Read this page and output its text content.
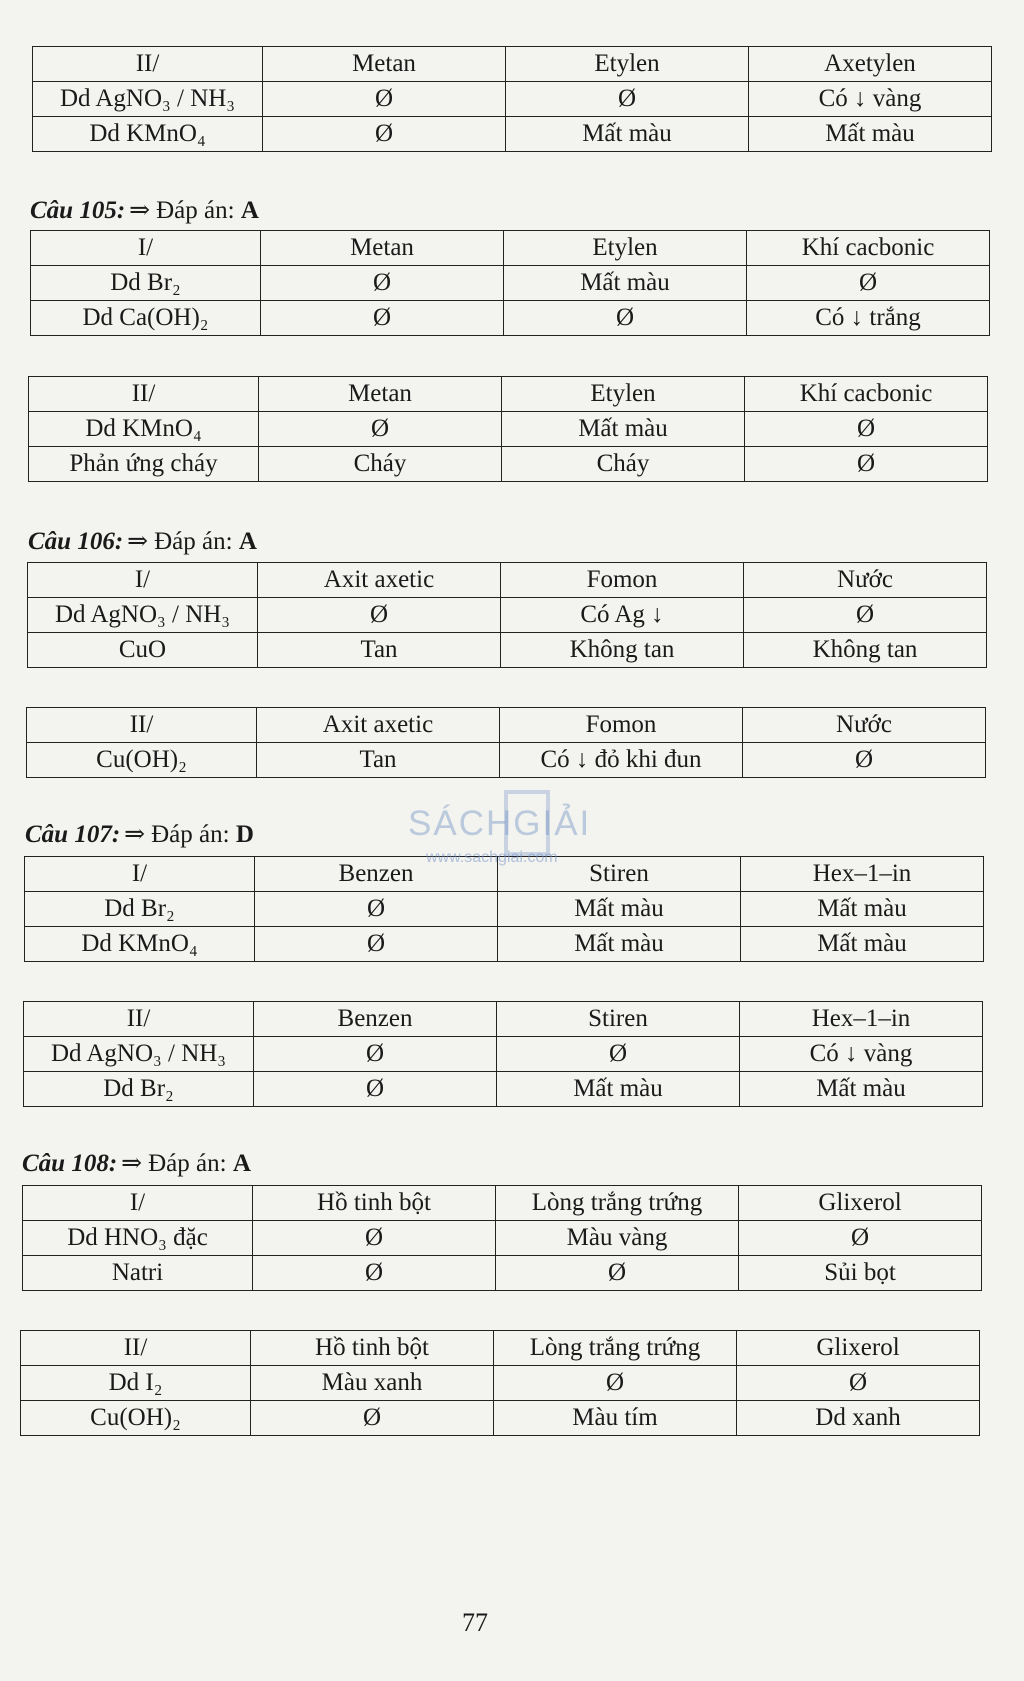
II/	Metan	Etylen	Axetylen
Dd AgNO₃ / NH₃	Ø	Ø	Có ↓ vàng
Dd KMnO₄	Ø	Mất màu	Mất màu
Câu 105: ⇒ Đáp án: A
I/	Metan	Etylen	Khí cacbonic
Dd Br₂	Ø	Mất màu	Ø
Dd Ca(OH)₂	Ø	Ø	Có ↓ trắng
II/	Metan	Etylen	Khí cacbonic
Dd KMnO₄	Ø	Mất màu	Ø
Phản ứng cháy	Cháy	Cháy	Ø
Câu 106: ⇒ Đáp án: A
I/	Axit axetic	Fomon	Nước
Dd AgNO₃ / NH₃	Ø	Có Ag ↓	Ø
CuO	Tan	Không tan	Không tan
II/	Axit axetic	Fomon	Nước
Cu(OH)₂	Tan	Có ↓ đỏ khi đun	Ø
Câu 107: ⇒ Đáp án: D
I/	Benzen	Stiren	Hex–1–in
Dd Br₂	Ø	Mất màu	Mất màu
Dd KMnO₄	Ø	Mất màu	Mất màu
II/	Benzen	Stiren	Hex–1–in
Dd AgNO₃ / NH₃	Ø	Ø	Có ↓ vàng
Dd Br₂	Ø	Mất màu	Mất màu
Câu 108: ⇒ Đáp án: A
I/	Hồ tinh bột	Lòng trắng trứng	Glixerol
Dd HNO₃ đặc	Ø	Màu vàng	Ø
Natri	Ø	Ø	Sủi bọt
II/	Hồ tinh bột	Lòng trắng trứng	Glixerol
Dd I₂	Màu xanh	Ø	Ø
Cu(OH)₂	Ø	Màu tím	Dd xanh
SÁCHGIẢI
www.sachgiai.com
77
